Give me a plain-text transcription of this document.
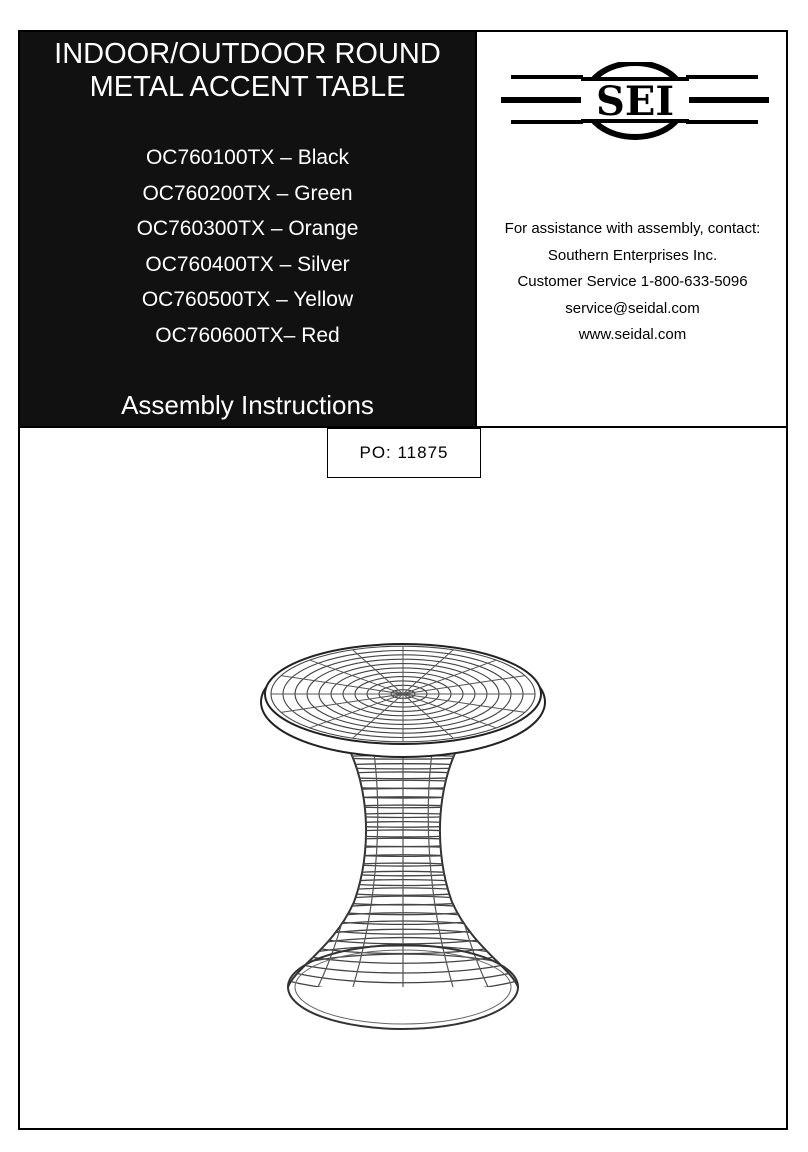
INDOOR/OUTDOOR ROUND
METAL ACCENT TABLE
OC760100TX – Black
OC760200TX – Green
OC760300TX – Orange
OC760400TX – Silver
OC760500TX – Yellow
OC760600TX– Red
Assembly Instructions
SEI
For assistance with assembly, contact:
Southern Enterprises Inc.
Customer Service 1-800-633-5096
service@seidal.com
www.seidal.com
PO: 11875
